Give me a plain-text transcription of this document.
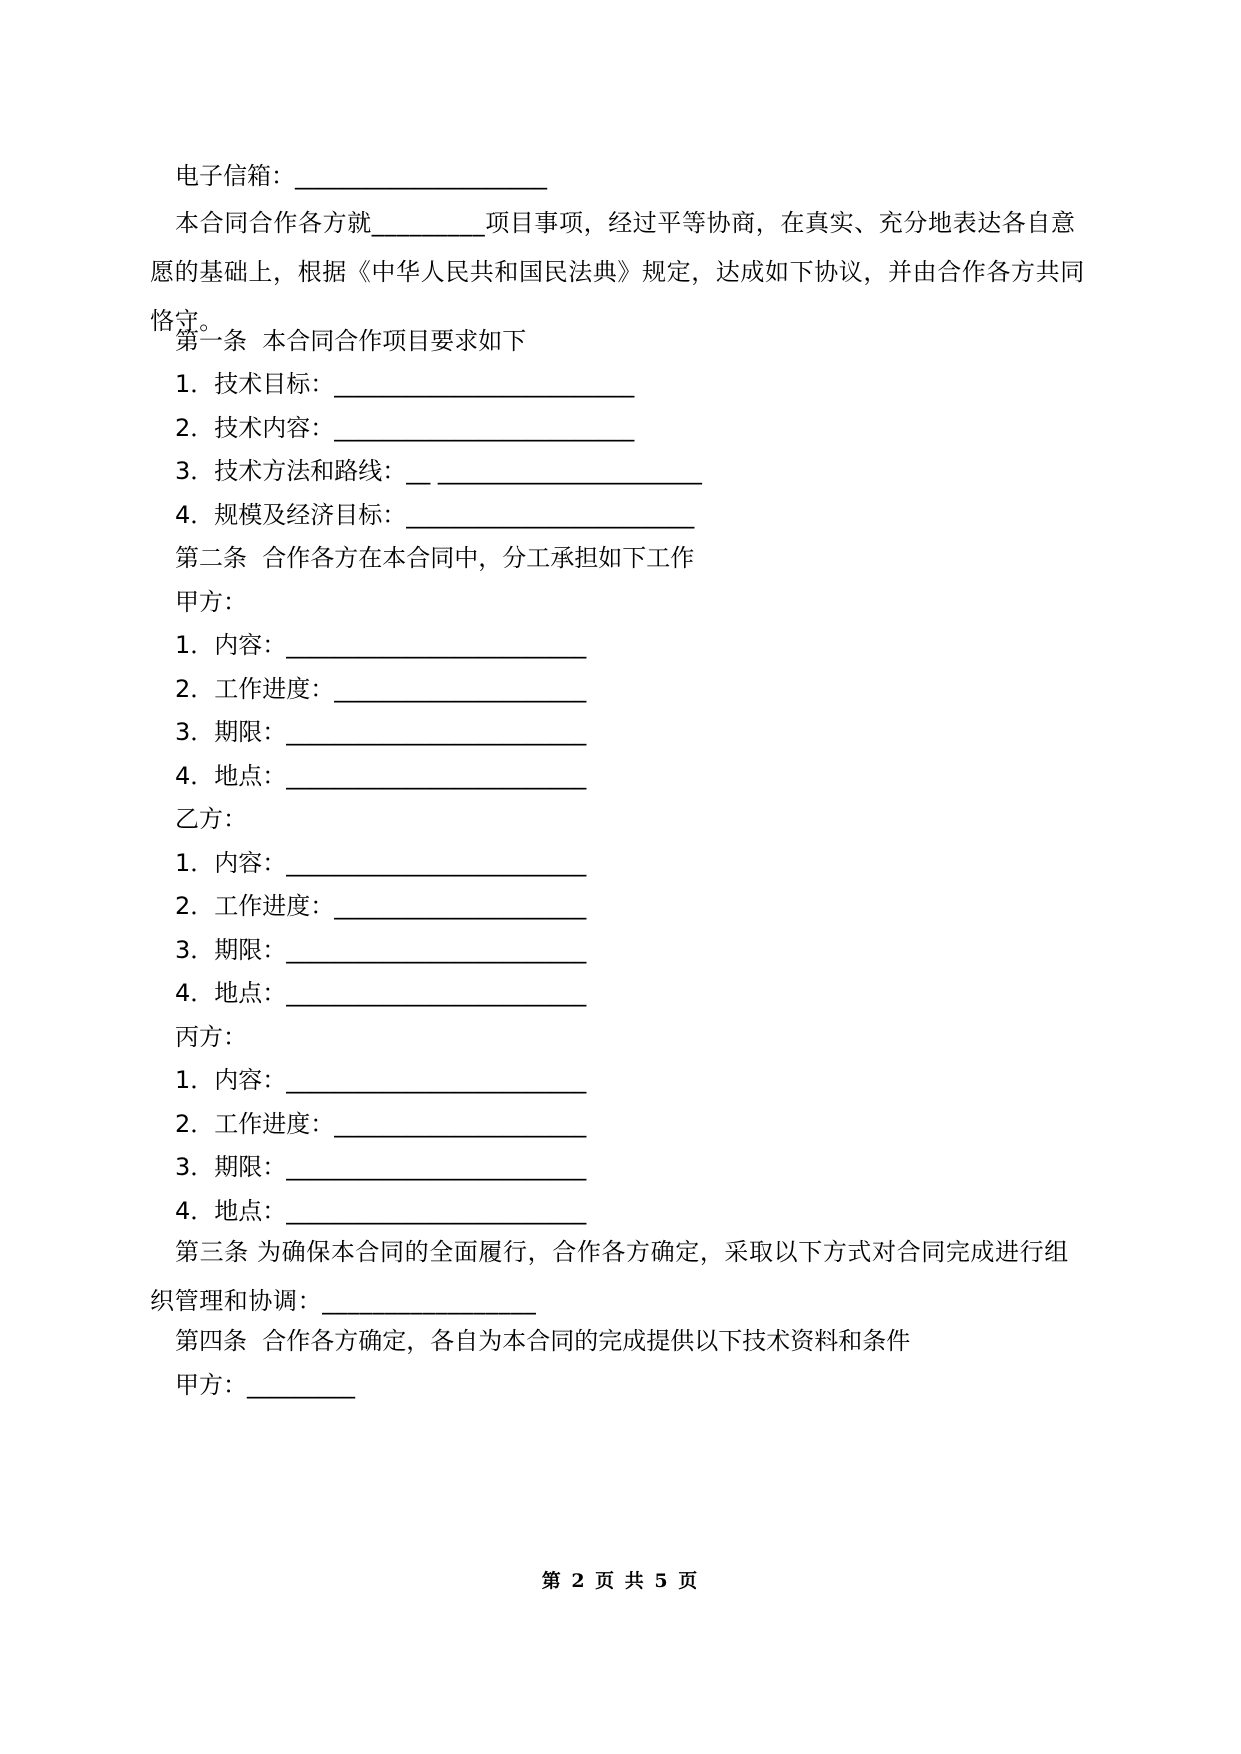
电子信箱：_____________________
本合同合作各方就_________项目事项，经过平等协商，在真实、充分地表达各自意愿的基础上，根据《中华人民共和国民法典》规定，达成如下协议，并由合作各方共同恪守。
第一条  本合同合作项目要求如下
1．技术目标：_________________________
2．技术内容：_________________________
3．技术方法和路线：__ ______________________
4．规模及经济目标：________________________
第二条  合作各方在本合同中，分工承担如下工作
甲方：
1．内容：_________________________
2．工作进度：_____________________
3．期限：_________________________
4．地点：_________________________
乙方：
1．内容：_________________________
2．工作进度：_____________________
3．期限：_________________________
4．地点：_________________________
丙方：
1．内容：_________________________
2．工作进度：_____________________
3．期限：_________________________
4．地点：_________________________
第三条 为确保本合同的全面履行，合作各方确定，采取以下方式对合同完成进行组织管理和协调：_________________
第四条  合作各方确定，各自为本合同的完成提供以下技术资料和条件
甲方：_________
第 2 页 共 5 页
